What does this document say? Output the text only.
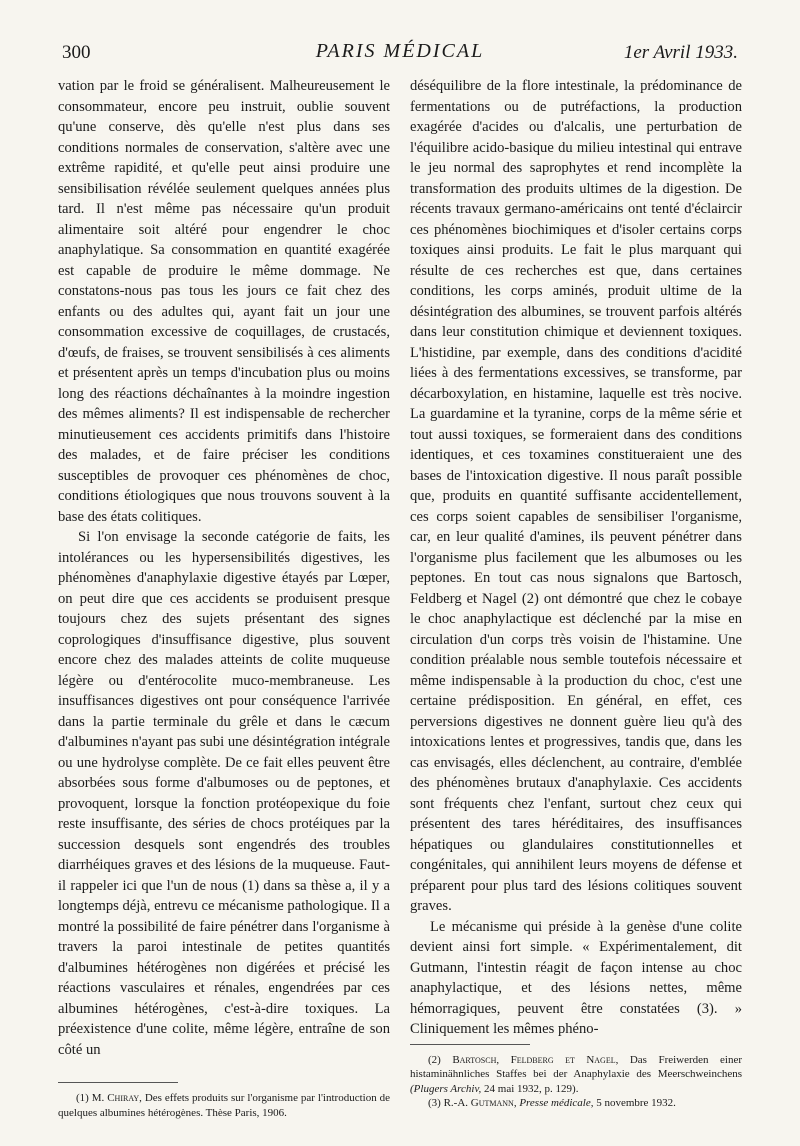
300	PARIS MÉDICAL	1er Avril 1933.

vation par le froid se généralisent. Malheureusement le consommateur, encore peu instruit, oublie souvent qu'une conserve, dès qu'elle n'est plus dans ses conditions normales de conservation, s'altère avec une extrême rapidité, et qu'elle peut ainsi produire une sensibilisation révélée seulement quelques années plus tard. Il n'est même pas nécessaire qu'un produit alimentaire soit altéré pour engendrer le choc anaphylatique. Sa consommation en quantité exagérée est capable de produire le même dommage. Ne constatons-nous pas tous les jours ce fait chez des enfants ou des adultes qui, ayant fait un jour une consommation excessive de coquillages, de crustacés, d'œufs, de fraises, se trouvent sensibilisés à ces aliments et présentent après un temps d'incubation plus ou moins long des réactions déchaînantes à la moindre ingestion des mêmes aliments? Il est indispensable de rechercher minutieusement ces accidents primitifs dans l'histoire des malades, et de faire préciser les conditions susceptibles de provoquer ces phénomènes de choc, conditions étiologiques que nous trouvons souvent à la base des états colitiques.

Si l'on envisage la seconde catégorie de faits, les intolérances ou les hypersensibilités digestives, les phénomènes d'anaphylaxie digestive étayés par Lœper, on peut dire que ces accidents se produisent presque toujours chez des sujets présentant des signes coprologiques d'insuffisance digestive, plus souvent encore chez des malades atteints de colite muqueuse légère ou d'entérocolite muco-membraneuse. Les insuffisances digestives ont pour conséquence l'arrivée dans la partie terminale du grêle et dans le cæcum d'albumines n'ayant pas subi une désintégration intégrale ou une hydrolyse complète. De ce fait elles peuvent être absorbées sous forme d'albumoses ou de peptones, et provoquent, lorsque la fonction protéopexique du foie reste insuffisante, des séries de chocs protéiques par la succession desquels sont engendrés des troubles diarrhéiques graves et des lésions de la muqueuse. Faut-il rappeler ici que l'un de nous (1) dans sa thèse a, il y a longtemps déjà, entrevu ce mécanisme pathologique. Il a montré la possibilité de faire pénétrer dans l'organisme à travers la paroi intestinale de petites quantités d'albumines hétérogènes non digérées et précisé les réactions vasculaires et rénales, engendrées par ces albumines hétérogènes, c'est-à-dire toxiques. La préexistence d'une colite, même légère, entraîne de son côté un

(1) M. Chiray, Des effets produits sur l'organisme par l'introduction de quelques albumines hétérogènes. Thèse Paris, 1906.

déséquilibre de la flore intestinale, la prédominance de fermentations ou de putréfactions, la production exagérée d'acides ou d'alcalis, une perturbation de l'équilibre acido-basique du milieu intestinal qui entrave le jeu normal des saprophytes et rend incomplète la transformation des produits ultimes de la digestion. De récents travaux germano-américains ont tenté d'éclaircir ces phénomènes biochimiques et d'isoler certains corps toxiques ainsi produits. Le fait le plus marquant qui résulte de ces recherches est que, dans certaines conditions, les corps aminés, produit ultime de la désintégration des albumines, se trouvent parfois altérés dans leur constitution chimique et deviennent toxiques. L'histidine, par exemple, dans des conditions d'acidité liées à des fermentations excessives, se transforme, par décarboxylation, en histamine, laquelle est très nocive. La guardamine et la tyranine, corps de la même série et tout aussi toxiques, se formeraient dans des conditions identiques, et ces toxamines constitueraient une des bases de l'intoxication digestive. Il nous paraît possible que, produits en quantité suffisante accidentellement, ces corps soient capables de sensibiliser l'organisme, car, en leur qualité d'amines, ils peuvent pénétrer dans l'organisme plus facilement que les albumoses ou les peptones. En tout cas nous signalons que Bartosch, Feldberg et Nagel (2) ont démontré que chez le cobaye le choc anaphylactique est déclenché par la mise en circulation d'un corps très voisin de l'histamine. Une condition préalable nous semble toutefois nécessaire et même indispensable à la production du choc, c'est une certaine prédisposition. En général, en effet, ces perversions digestives ne donnent guère lieu qu'à des intoxications lentes et progressives, tandis que, dans les cas envisagés, elles déclenchent, au contraire, d'emblée des phénomènes brutaux d'anaphylaxie. Ces accidents sont fréquents chez l'enfant, surtout chez ceux qui présentent des tares héréditaires, des insuffisances hépatiques ou glandulaires constitutionnelles et congénitales, qui annihilent leurs moyens de défense et préparent pour plus tard des lésions colitiques souvent graves.

Le mécanisme qui préside à la genèse d'une colite devient ainsi fort simple. « Expérimentalement, dit Gutmann, l'intestin réagit de façon intense au choc anaphylactique, et des lésions nettes, même hémorragiques, peuvent être constatées (3). » Cliniquement les mêmes phéno-

(2) Bartosch, Feldberg et Nagel, Das Freiwerden einer histaminähnliches Staffes bei der Anaphylaxie des Meerschweinchens (Plugers Archiv, 24 mai 1932, p. 129).

(3) R.-A. Gutmann, Presse médicale, 5 novembre 1932.
